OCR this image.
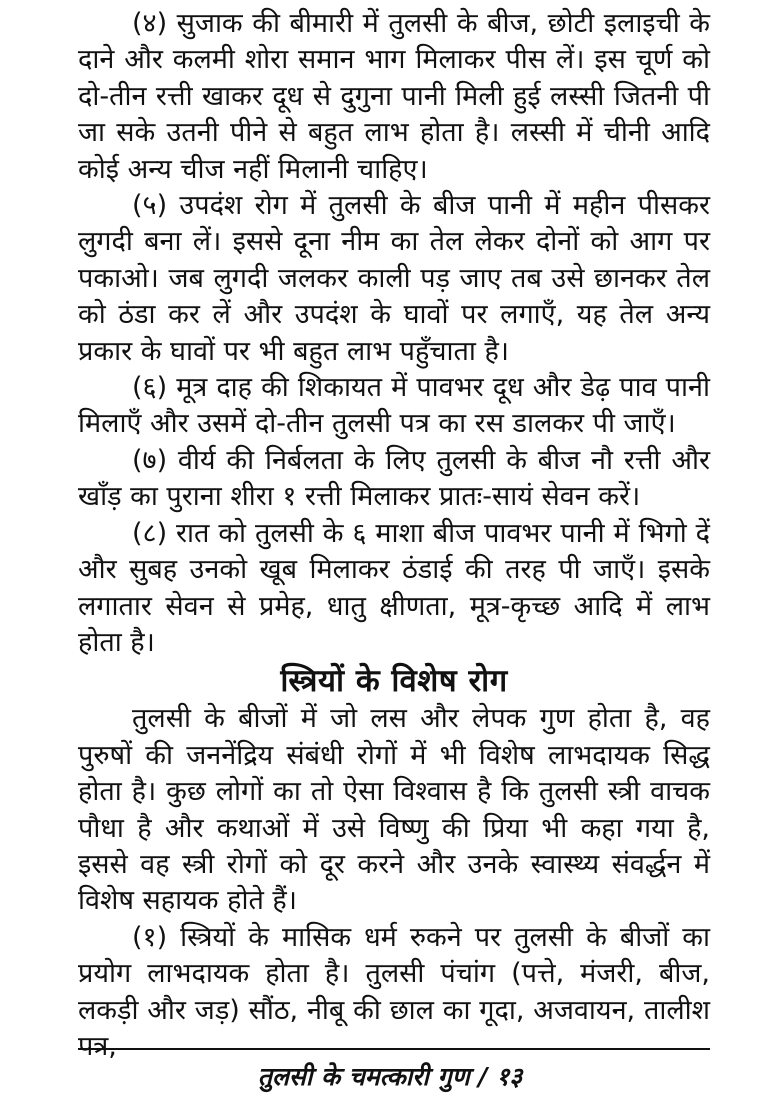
(४) सुजाक की बीमारी में तुलसी के बीज, छोटी इलाइची के दाने और कलमी शोरा समान भाग मिलाकर पीस लें। इस चूर्ण को दो-तीन रत्ती खाकर दूध से दुगुना पानी मिली हुई लस्सी जितनी पी जा सके उतनी पीने से बहुत लाभ होता है। लस्सी में चीनी आदि कोई अन्य चीज नहीं मिलानी चाहिए।

(५) उपदंश रोग में तुलसी के बीज पानी में महीन पीसकर लुगदी बना लें। इससे दूना नीम का तेल लेकर दोनों को आग पर पकाओ। जब लुगदी जलकर काली पड़ जाए तब उसे छानकर तेल को ठंडा कर लें और उपदंश के घावों पर लगाएँ, यह तेल अन्य प्रकार के घावों पर भी बहुत लाभ पहुँचाता है।

(६) मूत्र दाह की शिकायत में पावभर दूध और डेढ़ पाव पानी मिलाएँ और उसमें दो-तीन तुलसी पत्र का रस डालकर पी जाएँ।

(७) वीर्य की निर्बलता के लिए तुलसी के बीज नौ रत्ती और खाँड़ का पुराना शीरा १ रत्ती मिलाकर प्रातः-सायं सेवन करें।

(८) रात को तुलसी के ६ माशा बीज पावभर पानी में भिगो दें और सुबह उनको खूब मिलाकर ठंडाई की तरह पी जाएँ। इसके लगातार सेवन से प्रमेह, धातु क्षीणता, मूत्र-कृच्छ आदि में लाभ होता है।

स्त्रियों के विशेष रोग

तुलसी के बीजों में जो लस और लेपक गुण होता है, वह पुरुषों की जननेंद्रिय संबंधी रोगों में भी विशेष लाभदायक सिद्ध होता है। कुछ लोगों का तो ऐसा विश्वास है कि तुलसी स्त्री वाचक पौधा है और कथाओं में उसे विष्णु की प्रिया भी कहा गया है, इससे वह स्त्री रोगों को दूर करने और उनके स्वास्थ्य संवर्द्धन में विशेष सहायक होते हैं।

(१) स्त्रियों के मासिक धर्म रुकने पर तुलसी के बीजों का प्रयोग लाभदायक होता है। तुलसी पंचांग (पत्ते, मंजरी, बीज, लकड़ी और जड़) सौंठ, नीबू की छाल का गूदा, अजवायन, तालीश पत्र,

तुलसी के चमत्कारी गुण / १३
